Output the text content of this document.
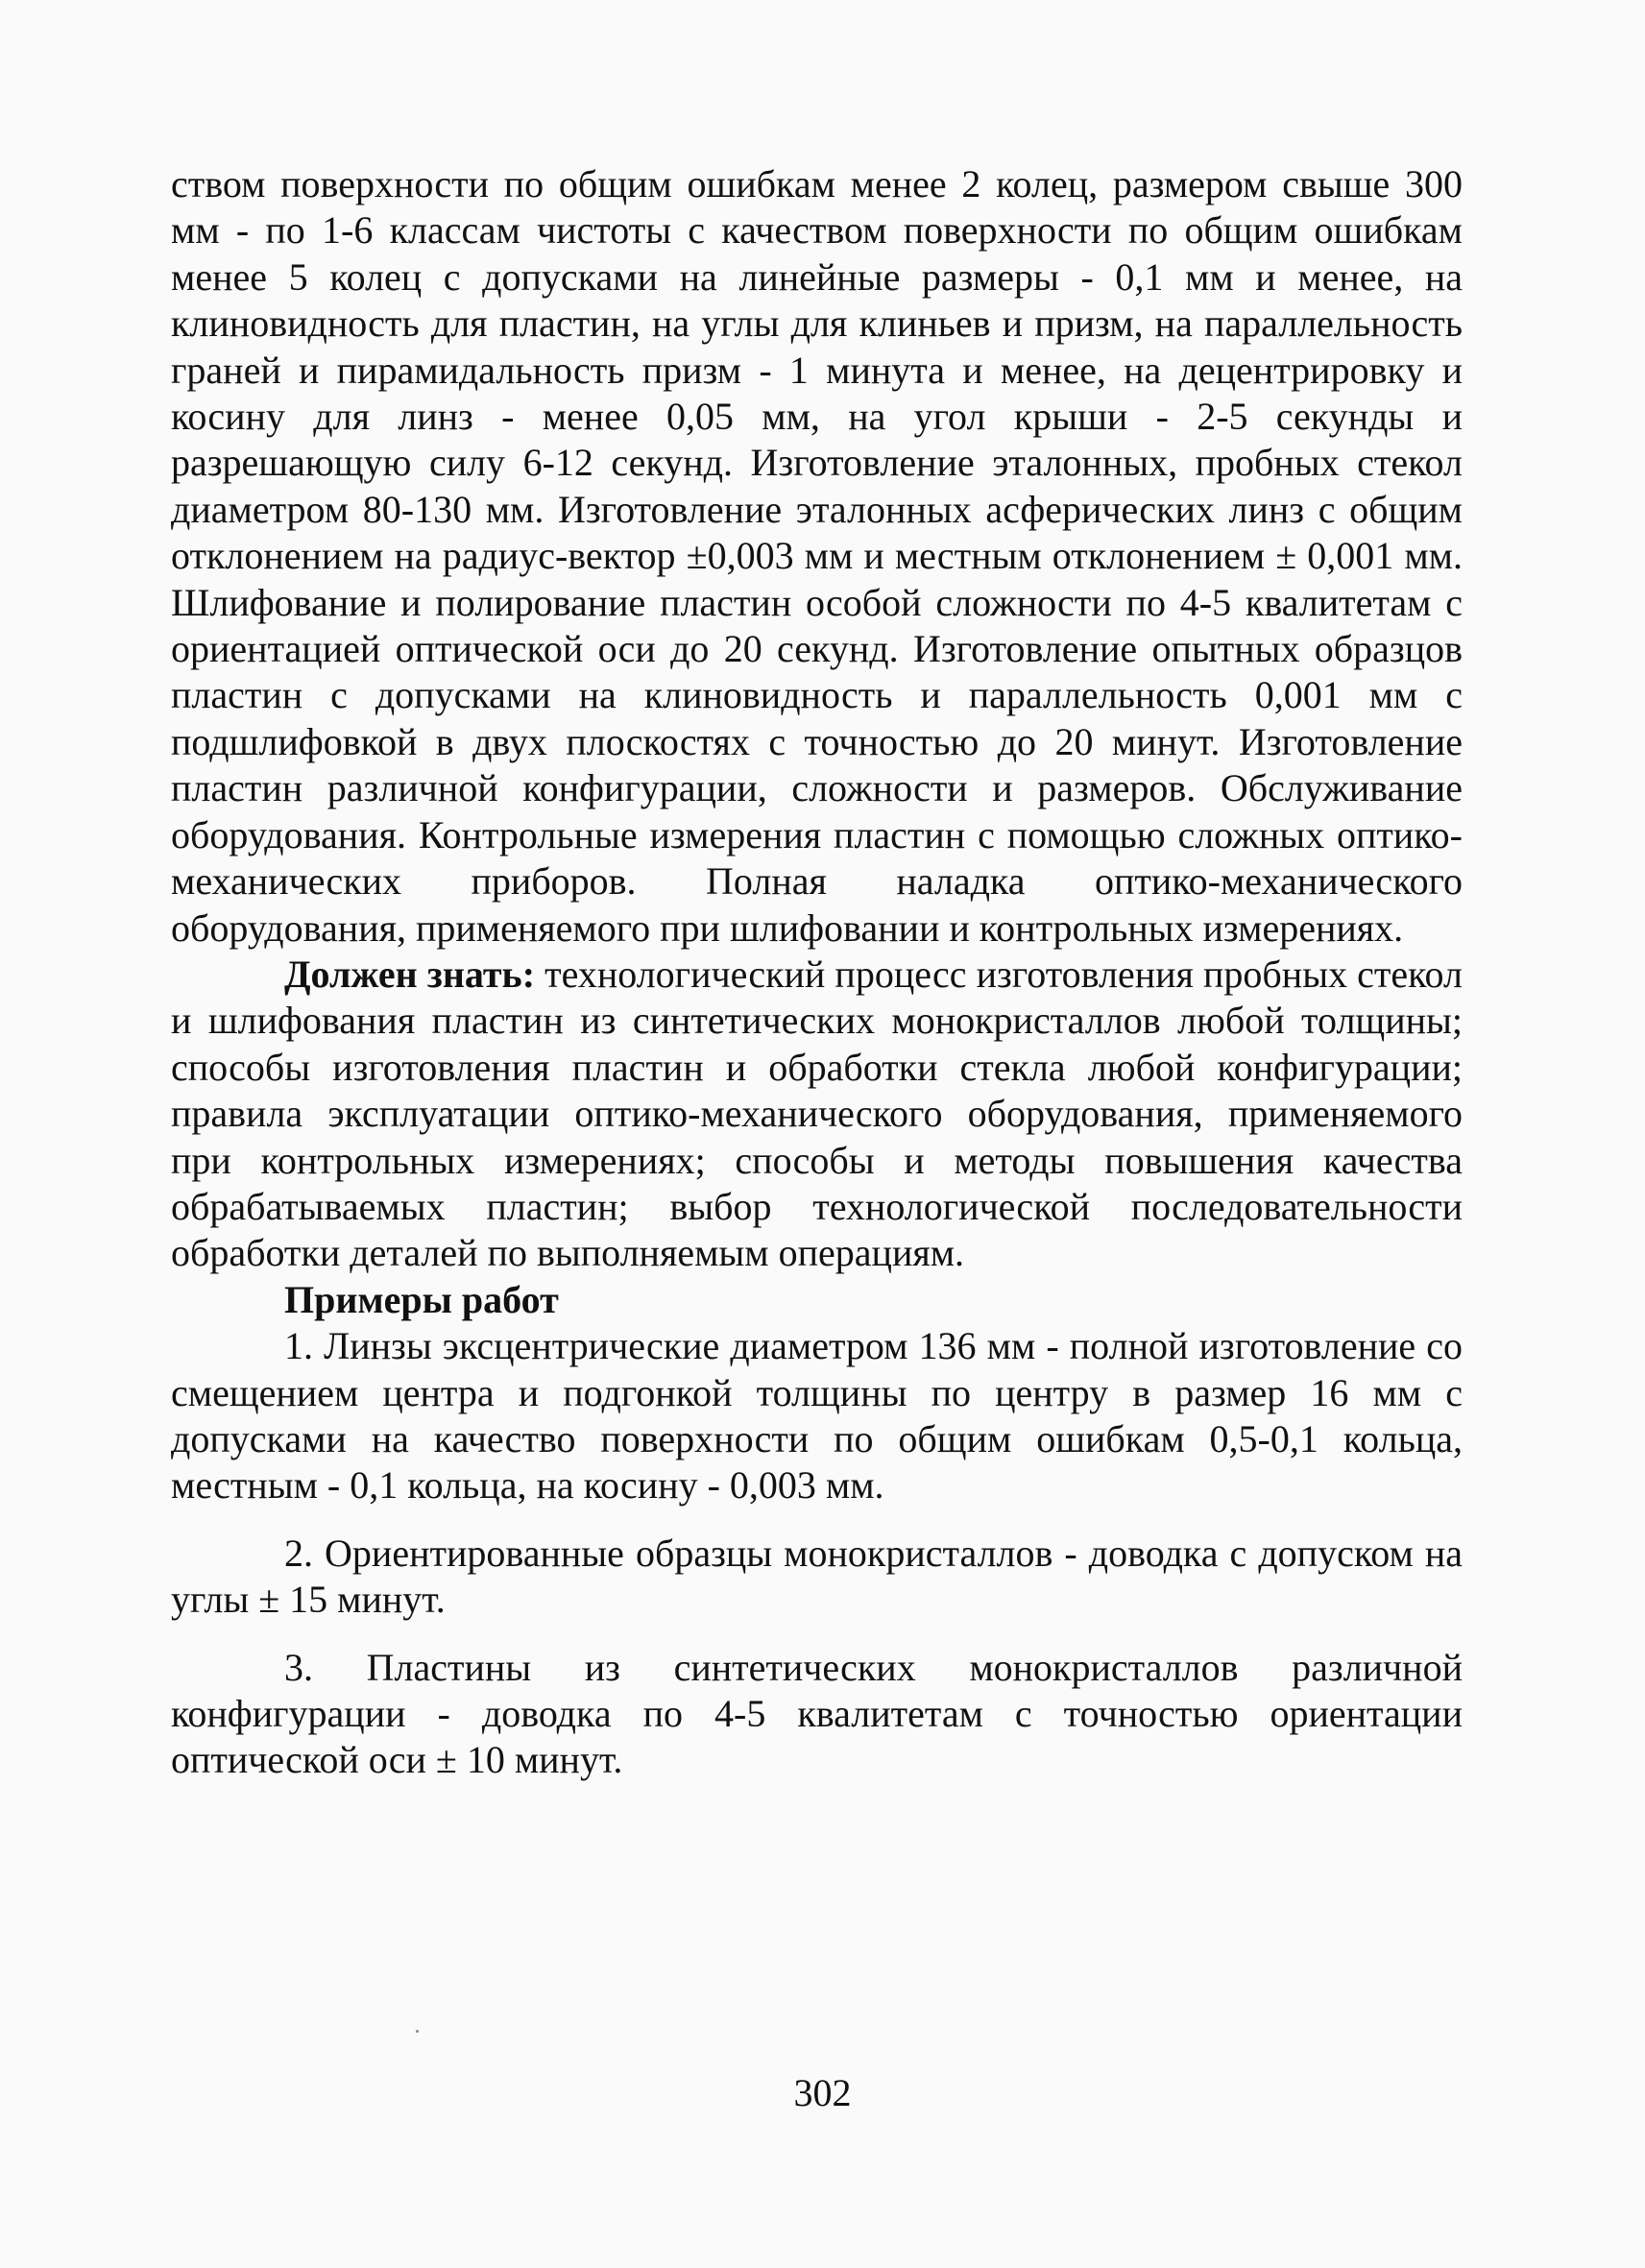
ством поверхности по общим ошибкам менее 2 колец, размером свыше 300 мм - по 1-6 классам чистоты с качеством поверхности по общим ошибкам менее 5 колец с допусками на линейные размеры - 0,1 мм и менее, на клиновидность для пластин, на углы для клиньев и призм, на параллельность граней и пирамидальность призм - 1 минута и менее, на децентрировку и косину для линз - менее 0,05 мм, на угол крыши - 2-5 секунды и разрешающую силу 6-12 секунд. Изготовление эталонных, пробных стекол диаметром 80-130 мм. Изготовление эталонных асферических линз с общим отклонением на радиус-вектор ±0,003 мм и местным отклонением ± 0,001 мм. Шлифование и полирование пластин особой сложности по 4-5 квалитетам с ориентацией оптической оси до 20 секунд. Изготовление опытных образцов пластин с допусками на клиновидность и параллельность 0,001 мм с подшлифовкой в двух плоскостях с точностью до 20 минут. Изготовление пластин различной конфигурации, сложности и размеров. Обслуживание оборудования. Контрольные измерения пластин с помощью сложных оптико-механических приборов. Полная наладка оптико-механического оборудования, применяемого при шлифовании и контрольных измерениях.

Должен знать: технологический процесс изготовления пробных стекол и шлифования пластин из синтетических монокристаллов любой толщины; способы изготовления пластин и обработки стекла любой конфигурации; правила эксплуатации оптико-механического оборудования, применяемого при контрольных измерениях; способы и методы повышения качества обрабатываемых пластин; выбор технологической последовательности обработки деталей по выполняемым операциям.

Примеры работ

1. Линзы эксцентрические диаметром 136 мм - полной изготовление со смещением центра и подгонкой толщины по центру в размер 16 мм с допусками на качество поверхности по общим ошибкам 0,5-0,1 кольца, местным - 0,1 кольца, на косину - 0,003 мм.

2. Ориентированные образцы монокристаллов - доводка с допуском на углы ± 15 минут.

3. Пластины из синтетических монокристаллов различной конфигурации - доводка по 4-5 квалитетам с точностью ориентации оптической оси ± 10 минут.

302
